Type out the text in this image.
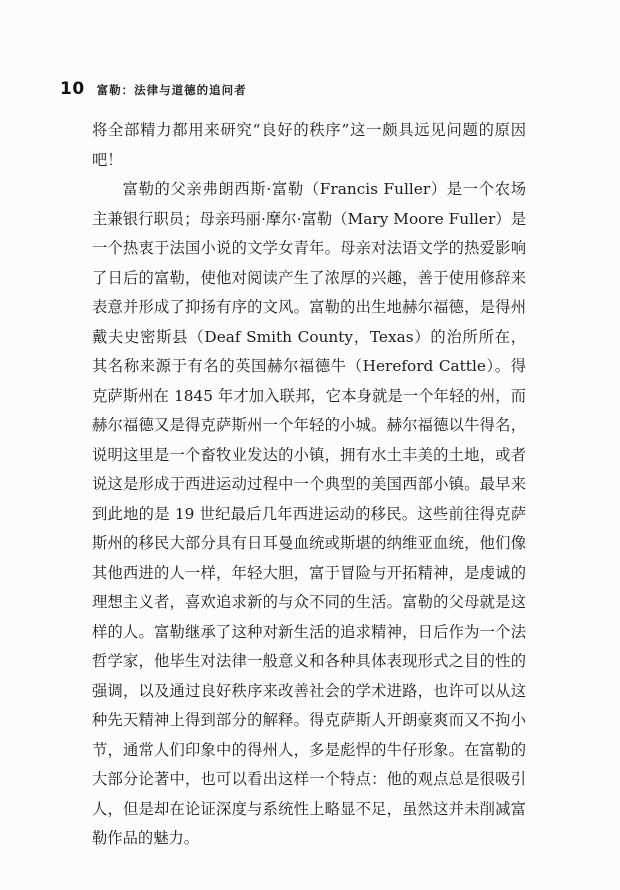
10 富勒：法律与道德的追问者

将全部精力都用来研究“良好的秩序”这一颇具远见问题的原因吧！

富勒的父亲弗朗西斯·富勒（Francis Fuller）是一个农场主兼银行职员；母亲玛丽·摩尔·富勒（Mary Moore Fuller）是一个热衷于法国小说的文学女青年。母亲对法语文学的热爱影响了日后的富勒，使他对阅读产生了浓厚的兴趣，善于使用修辞来表意并形成了抑扬有序的文风。富勒的出生地赫尔福德，是得州戴夫史密斯县（Deaf Smith County，Texas）的治所所在，其名称来源于有名的英国赫尔福德牛（Hereford Cattle）。得克萨斯州在 1845 年才加入联邦，它本身就是一个年轻的州，而赫尔福德又是得克萨斯州一个年轻的小城。赫尔福德以牛得名，说明这里是一个畜牧业发达的小镇，拥有水土丰美的土地，或者说这是形成于西进运动过程中一个典型的美国西部小镇。最早来到此地的是 19 世纪最后几年西进运动的移民。这些前往得克萨斯州的移民大部分具有日耳曼血统或斯堪的纳维亚血统，他们像其他西进的人一样，年轻大胆，富于冒险与开拓精神，是虔诚的理想主义者，喜欢追求新的与众不同的生活。富勒的父母就是这样的人。富勒继承了这种对新生活的追求精神，日后作为一个法哲学家，他毕生对法律一般意义和各种具体表现形式之目的性的强调，以及通过良好秩序来改善社会的学术进路，也许可以从这种先天精神上得到部分的解释。得克萨斯人开朗豪爽而又不拘小节，通常人们印象中的得州人，多是彪悍的牛仔形象。在富勒的大部分论著中，也可以看出这样一个特点：他的观点总是很吸引人，但是却在论证深度与系统性上略显不足，虽然这并未削减富勒作品的魅力。
